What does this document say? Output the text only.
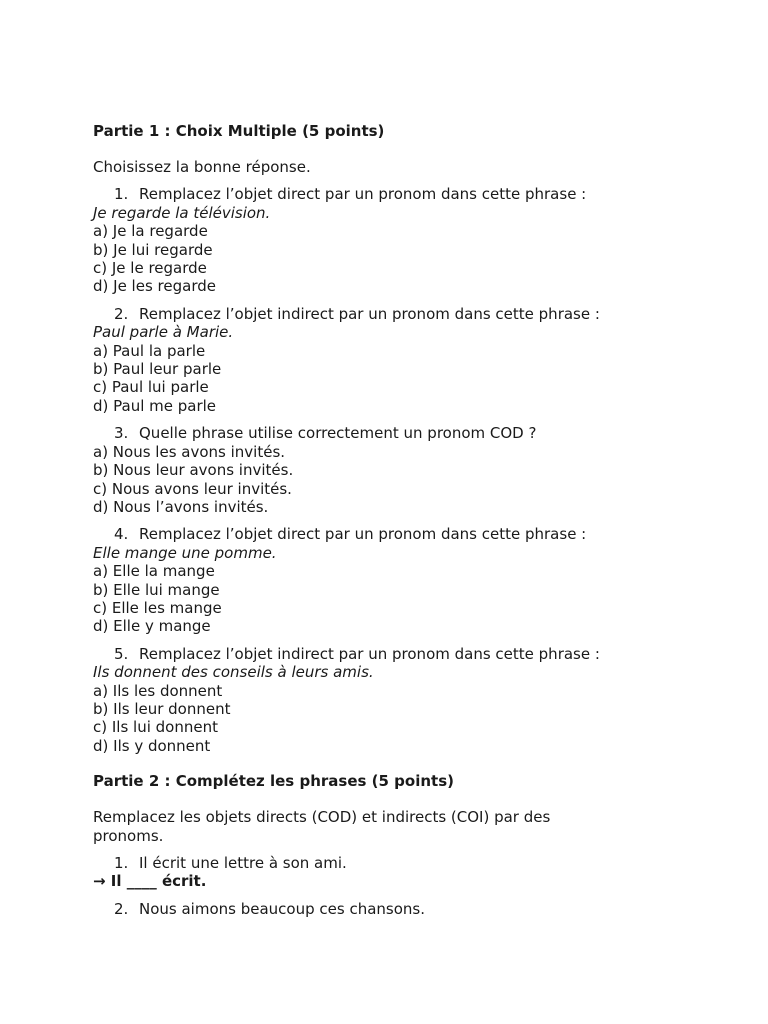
Partie 1 : Choix Multiple (5 points)

Choisissez la bonne réponse.

1. Remplacez l’objet direct par un pronom dans cette phrase :
Je regarde la télévision.
a) Je la regarde
b) Je lui regarde
c) Je le regarde
d) Je les regarde
2. Remplacez l’objet indirect par un pronom dans cette phrase :
Paul parle à Marie.
a) Paul la parle
b) Paul leur parle
c) Paul lui parle
d) Paul me parle
3. Quelle phrase utilise correctement un pronom COD ?
a) Nous les avons invités.
b) Nous leur avons invités.
c) Nous avons leur invités.
d) Nous l’avons invités.
4. Remplacez l’objet direct par un pronom dans cette phrase :
Elle mange une pomme.
a) Elle la mange
b) Elle lui mange
c) Elle les mange
d) Elle y mange
5. Remplacez l’objet indirect par un pronom dans cette phrase :
Ils donnent des conseils à leurs amis.
a) Ils les donnent
b) Ils leur donnent
c) Ils lui donnent
d) Ils y donnent
Partie 2 : Complétez les phrases (5 points)

Remplacez les objets directs (COD) et indirects (COI) par des pronoms.

1. Il écrit une lettre à son ami.
→ Il ____ écrit.
2. Nous aimons beaucoup ces chansons.
